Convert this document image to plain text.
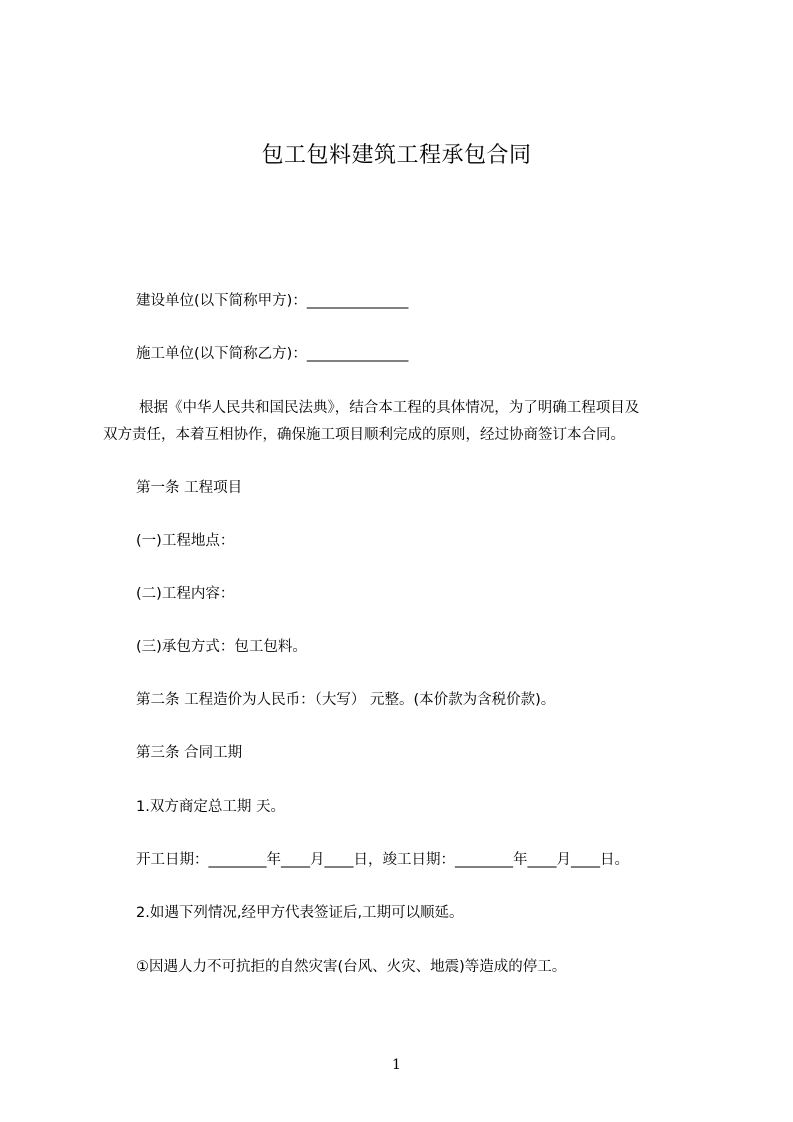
包工包料建筑工程承包合同
建设单位(以下简称甲方)：______________
施工单位(以下简称乙方)：______________
根据《中华人民共和国民法典》，结合本工程的具体情况，为了明确工程项目及
双方责任，本着互相协作，确保施工项目顺利完成的原则，经过协商签订本合同。
第一条 工程项目
(一)工程地点：
(二)工程内容：
(三)承包方式：包工包料。
第二条 工程造价为人民币：（大写） 元整。(本价款为含税价款)。
第三条 合同工期
1.双方商定总工期 天。
开工日期：________年____月____日，竣工日期：________年____月____日。
2.如遇下列情况,经甲方代表签证后,工期可以顺延。
①因遇人力不可抗拒的自然灾害(台风、火灾、地震)等造成的停工。
1
